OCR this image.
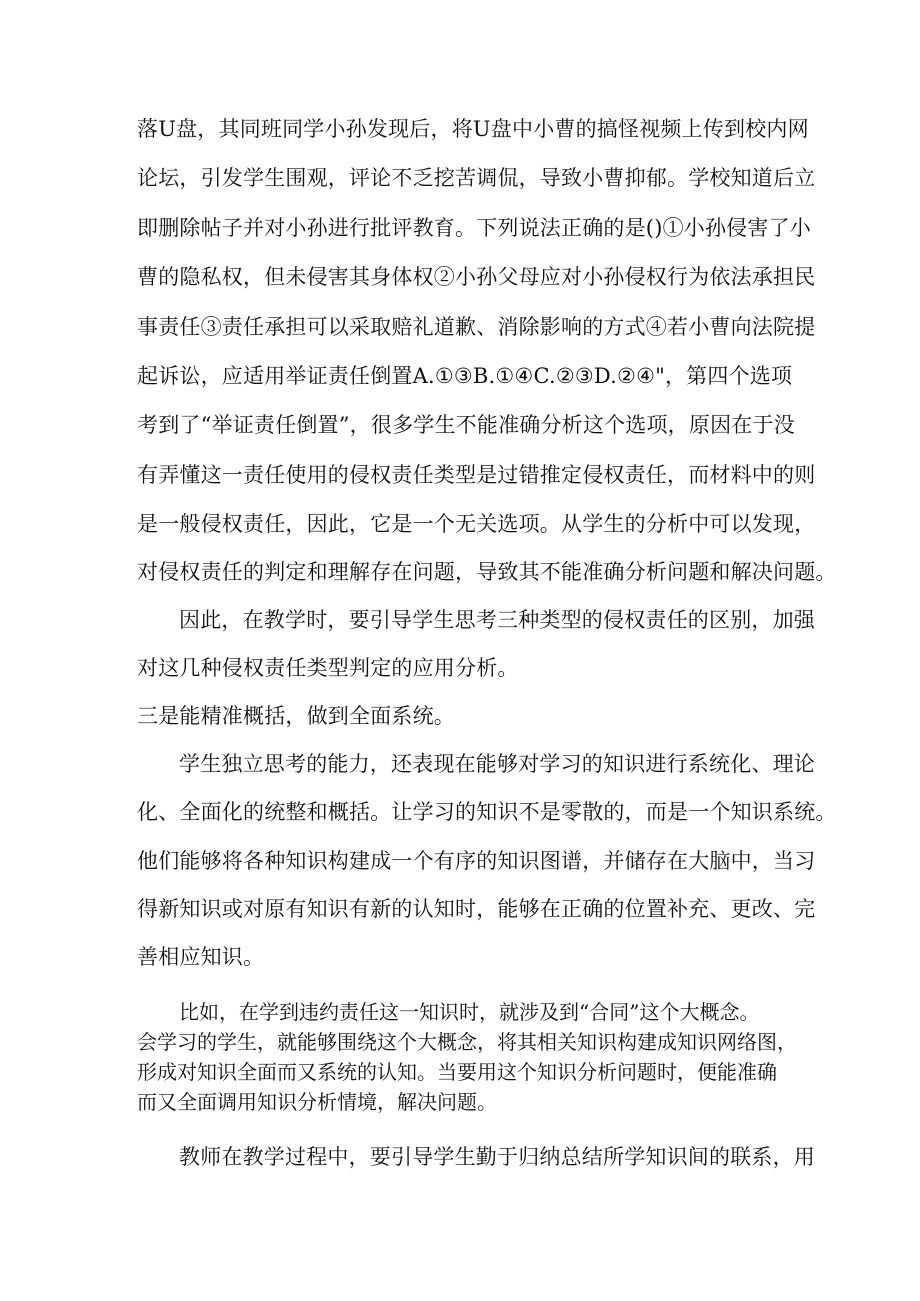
落U盘，其同班同学小孙发现后，将U盘中小曹的搞怪视频上传到校内网
论坛，引发学生围观，评论不乏挖苦调侃，导致小曹抑郁。学校知道后立
即删除帖子并对小孙进行批评教育。下列说法正确的是()①小孙侵害了小
曹的隐私权，但未侵害其身体权②小孙父母应对小孙侵权行为依法承担民
事责任③责任承担可以采取赔礼道歉、消除影响的方式④若小曹向法院提
起诉讼，应适用举证责任倒置A.①③B.①④C.②③D.②④"，第四个选项
考到了“举证责任倒置”，很多学生不能准确分析这个选项，原因在于没
有弄懂这一责任使用的侵权责任类型是过错推定侵权责任，而材料中的则
是一般侵权责任，因此，它是一个无关选项。从学生的分析中可以发现，
对侵权责任的判定和理解存在问题，导致其不能准确分析问题和解决问题。
因此，在教学时，要引导学生思考三种类型的侵权责任的区别，加强
对这几种侵权责任类型判定的应用分析。
三是能精准概括，做到全面系统。
学生独立思考的能力，还表现在能够对学习的知识进行系统化、理论
化、全面化的统整和概括。让学习的知识不是零散的，而是一个知识系统。
他们能够将各种知识构建成一个有序的知识图谱，并储存在大脑中，当习
得新知识或对原有知识有新的认知时，能够在正确的位置补充、更改、完
善相应知识。
比如，在学到违约责任这一知识时，就涉及到“合同”这个大概念。
会学习的学生，就能够围绕这个大概念，将其相关知识构建成知识网络图，
形成对知识全面而又系统的认知。当要用这个知识分析问题时，便能准确
而又全面调用知识分析情境，解决问题。
教师在教学过程中，要引导学生勤于归纳总结所学知识间的联系，用
